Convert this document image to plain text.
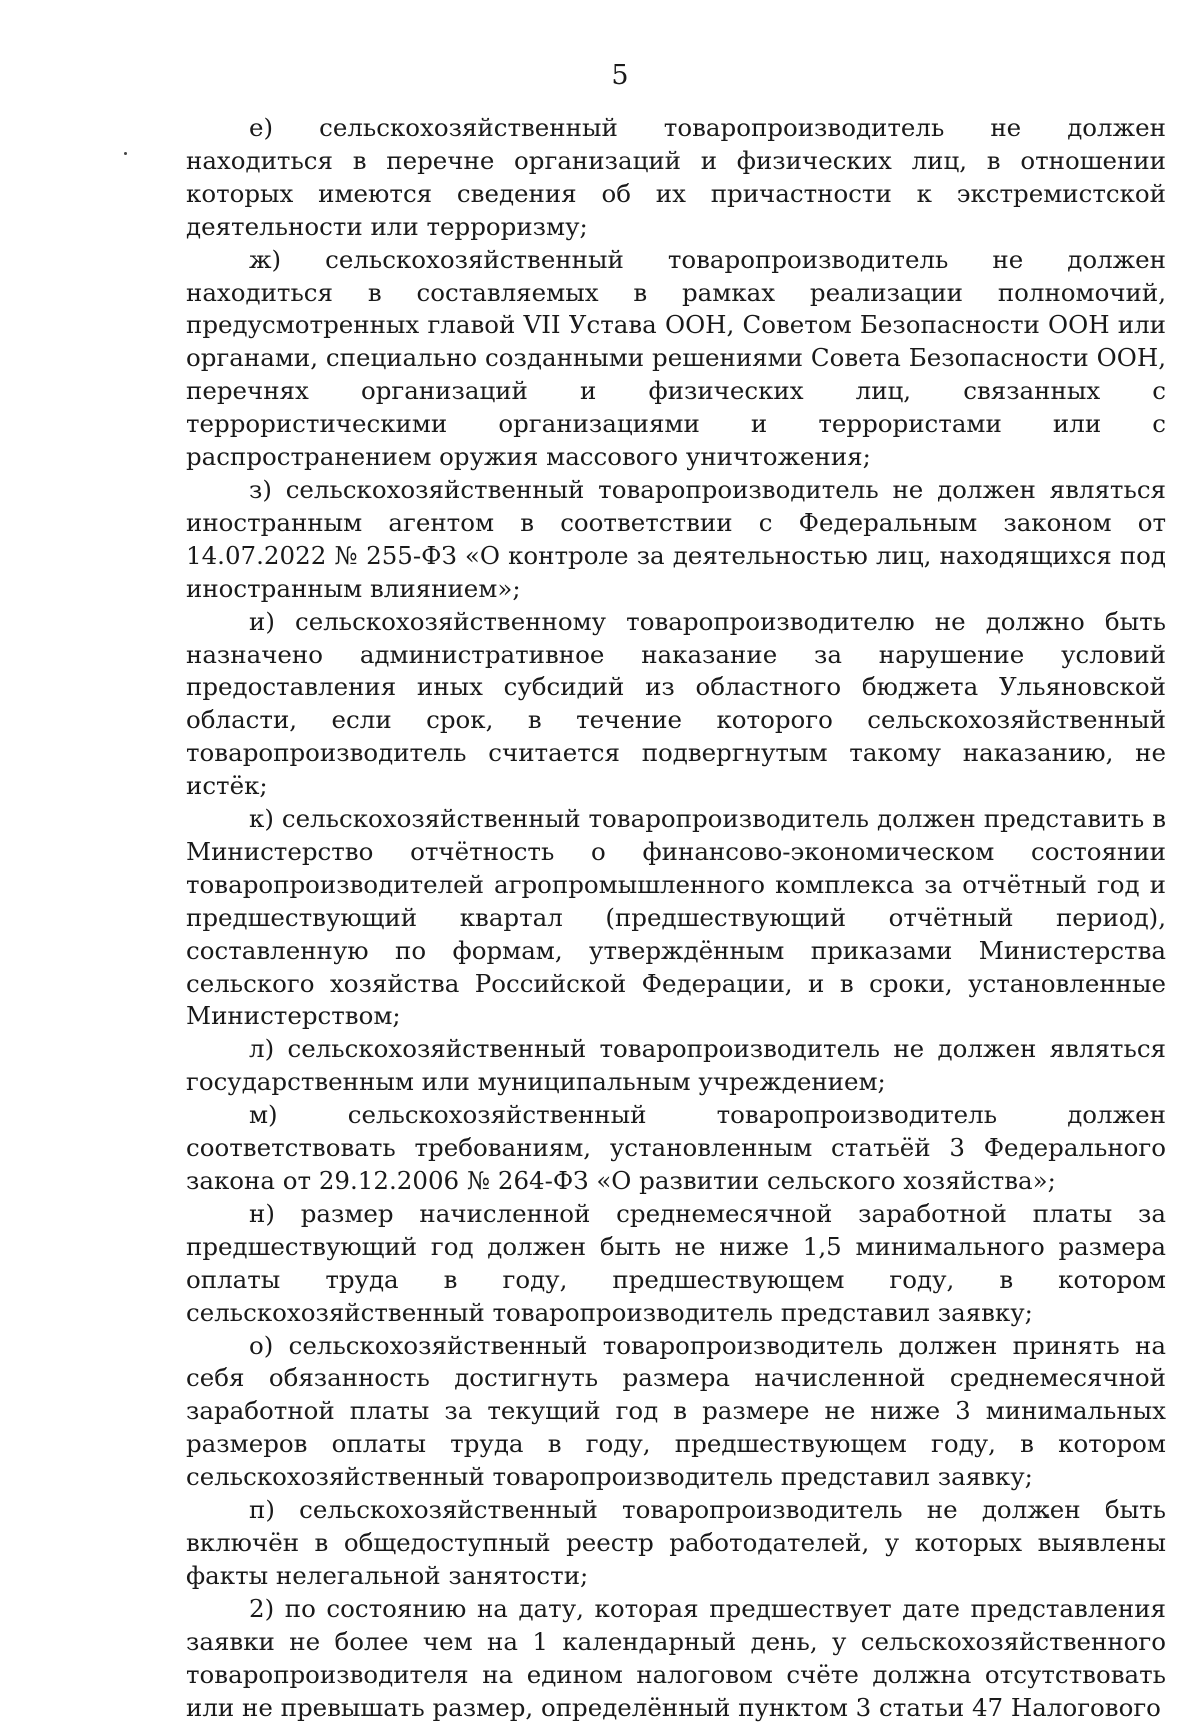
5

е) сельскохозяйственный товаропроизводитель не должен находиться в перечне организаций и физических лиц, в отношении которых имеются сведения об их причастности к экстремистской деятельности или терроризму;

ж) сельскохозяйственный товаропроизводитель не должен находиться в составляемых в рамках реализации полномочий, предусмотренных главой VII Устава ООН, Советом Безопасности ООН или органами, специально созданными решениями Совета Безопасности ООН, перечнях организаций и физических лиц, связанных с террористическими организациями и террористами или с распространением оружия массового уничтожения;

з) сельскохозяйственный товаропроизводитель не должен являться иностранным агентом в соответствии с Федеральным законом от 14.07.2022 № 255-ФЗ «О контроле за деятельностью лиц, находящихся под иностранным влиянием»;

и) сельскохозяйственному товаропроизводителю не должно быть назначено административное наказание за нарушение условий предоставления иных субсидий из областного бюджета Ульяновской области, если срок, в течение которого сельскохозяйственный товаропроизводитель считается подвергнутым такому наказанию, не истёк;

к) сельскохозяйственный товаропроизводитель должен представить в Министерство отчётность о финансово-экономическом состоянии товаропроизводителей агропромышленного комплекса за отчётный год и предшествующий квартал (предшествующий отчётный период), составленную по формам, утверждённым приказами Министерства сельского хозяйства Российской Федерации, и в сроки, установленные Министерством;

л) сельскохозяйственный товаропроизводитель не должен являться государственным или муниципальным учреждением;

м) сельскохозяйственный товаропроизводитель должен соответствовать требованиям, установленным статьёй 3 Федерального закона от 29.12.2006 № 264-ФЗ «О развитии сельского хозяйства»;

н) размер начисленной среднемесячной заработной платы за предшествующий год должен быть не ниже 1,5 минимального размера оплаты труда в году, предшествующем году, в котором сельскохозяйственный товаропроизводитель представил заявку;

о) сельскохозяйственный товаропроизводитель должен принять на себя обязанность достигнуть размера начисленной среднемесячной заработной платы за текущий год в размере не ниже 3 минимальных размеров оплаты труда в году, предшествующем году, в котором сельскохозяйственный товаропроизводитель представил заявку;

п) сельскохозяйственный товаропроизводитель не должен быть включён в общедоступный реестр работодателей, у которых выявлены факты нелегальной занятости;

2) по состоянию на дату, которая предшествует дате представления заявки не более чем на 1 календарный день, у сельскохозяйственного товаропроизводителя на едином налоговом счёте должна отсутствовать или не превышать размер, определённый пунктом 3 статьи 47 Налогового
